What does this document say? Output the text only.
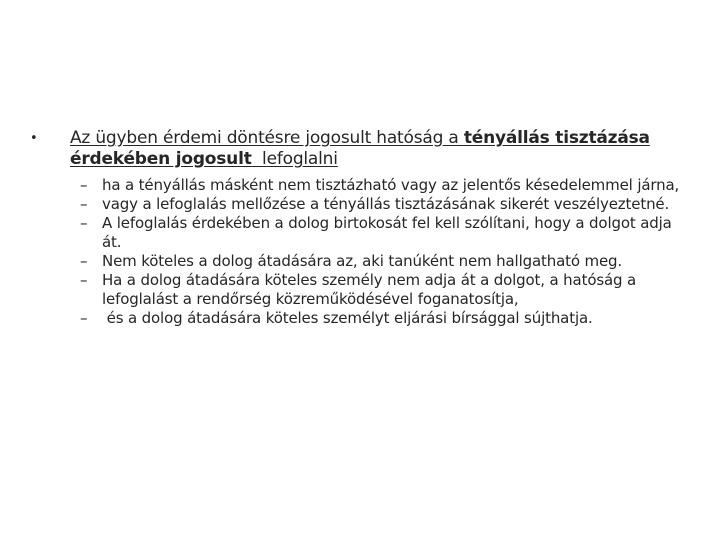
•	Az ügyben érdemi döntésre jogosult hatóság a tényállás tisztázása érdekében jogosult  lefoglalni
– ha a tényállás másként nem tisztázható vagy az jelentős késedelemmel járna,
– vagy a lefoglalás mellőzése a tényállás tisztázásának sikerét veszélyeztetné.
– A lefoglalás érdekében a dolog birtokosát fel kell szólítani, hogy a dolgot adja át.
– Nem köteles a dolog átadására az, aki tanúként nem hallgatható meg.
– Ha a dolog átadására köteles személy nem adja át a dolgot, a hatóság a lefoglalást a rendőrség közreműködésével foganatosítja,
– és a dolog átadására köteles személyt eljárási bírsággal sújthatja.
